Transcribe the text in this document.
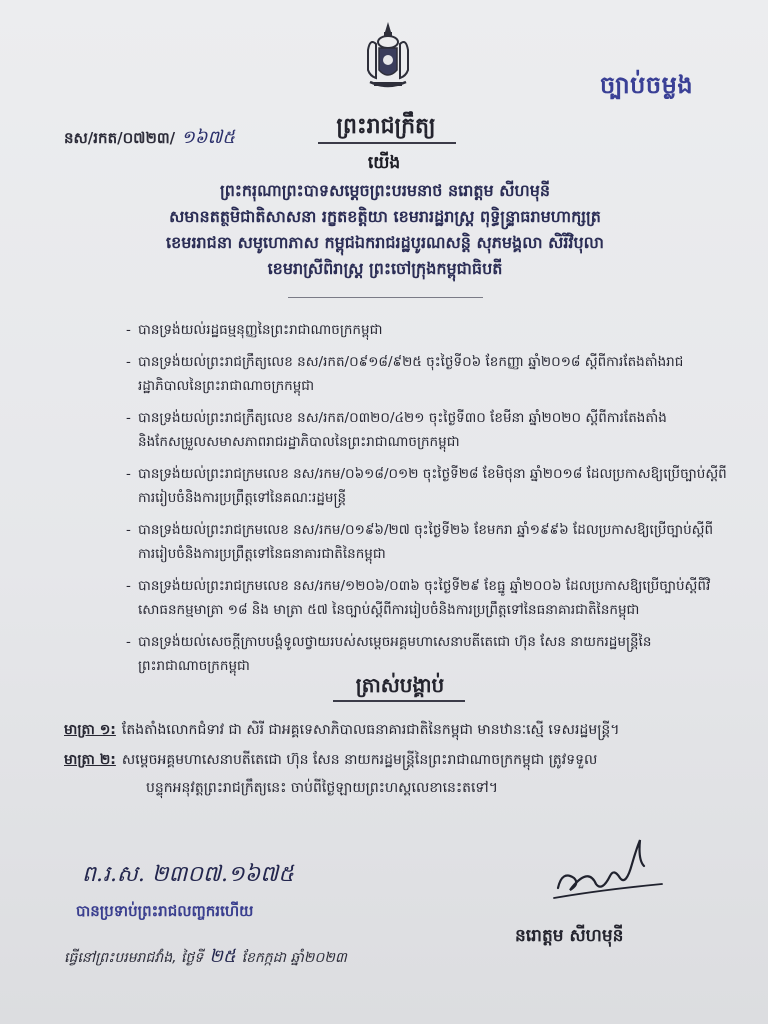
ច្បាប់ចម្លង
នស/រកត/០៧២៣/ ១៦៧៥	ព្រះរាជក្រឹត្យ
យើង
ព្រះករុណាព្រះបាទសម្តេចព្រះបរមនាថ នរោត្តម សីហមុនី
សមានតត្ថមិជាតិសាសនា រក្ខតខត្តិយា ខេមរារដ្ឋរាស្ត្រ ពុទ្ធិន្ទ្រាធរាមហាក្សត្រ
ខេមររាជនា សមូហោភាស កម្ពុជឯករាជរដ្ឋបូរណសន្តិ សុភមង្គលា សិរីវិបុលា
ខេមរាស្រីពិរាស្ត្រ ព្រះចៅក្រុងកម្ពុជាធិបតី
- បានទ្រង់យល់រដ្ឋធម្មនុញ្ញនៃព្រះរាជាណាចក្រកម្ពុជា
- បានទ្រង់យល់ព្រះរាជក្រឹត្យលេខ នស/រកត/០៩១៨/៩២៥ ចុះថ្ងៃទី០៦ ខែកញ្ញា ឆ្នាំ២០១៨ ស្តីពីការតែងតាំងរាជរដ្ឋាភិបាលនៃព្រះរាជាណាចក្រកម្ពុជា
- បានទ្រង់យល់ព្រះរាជក្រឹត្យលេខ នស/រកត/០៣២០/៤២១ ចុះថ្ងៃទី៣០ ខែមីនា ឆ្នាំ២០២០ ស្តីពីការតែងតាំងនិងកែសម្រួលសមាសភាពរាជរដ្ឋាភិបាលនៃព្រះរាជាណាចក្រកម្ពុជា
- បានទ្រង់យល់ព្រះរាជក្រមលេខ នស/រកម/០៦១៨/០១២ ចុះថ្ងៃទី២៨ ខែមិថុនា ឆ្នាំ២០១៨ ដែលប្រកាសឱ្យប្រើច្បាប់ស្តីពីការរៀបចំនិងការប្រព្រឹត្តទៅនៃគណៈរដ្ឋមន្ត្រី
- បានទ្រង់យល់ព្រះរាជក្រមលេខ នស/រកម/០១៩៦/២៧ ចុះថ្ងៃទី២៦ ខែមករា ឆ្នាំ១៩៩៦ ដែលប្រកាសឱ្យប្រើច្បាប់ស្តីពីការរៀបចំនិងការប្រព្រឹត្តទៅនៃធនាគារជាតិនៃកម្ពុជា
- បានទ្រង់យល់ព្រះរាជក្រមលេខ នស/រកម/១២០៦/០៣៦ ចុះថ្ងៃទី២៩ ខែធ្នូ ឆ្នាំ២០០៦ ដែលប្រកាសឱ្យប្រើច្បាប់ស្តីពីវិសោធនកម្មមាត្រា ១៨ និង មាត្រា ៥៧ នៃច្បាប់ស្តីពីការរៀបចំនិងការប្រព្រឹត្តទៅនៃធនាគារជាតិនៃកម្ពុជា
- បានទ្រង់យល់សេចក្តីក្រាបបង្គំទូលថ្វាយរបស់សម្តេចអគ្គមហាសេនាបតីតេជោ ហ៊ុន សែន នាយករដ្ឋមន្ត្រីនៃព្រះរាជាណាចក្រកម្ពុជា
ត្រាស់បង្គាប់
មាត្រា ១: តែងតាំងលោកជំទាវ ជា សិរី ជាអគ្គទេសាភិបាលធនាគារជាតិនៃកម្ពុជា មានឋានៈស្មើ ទេសរដ្ឋមន្ត្រី។
មាត្រា ២: សម្តេចអគ្គមហាសេនាបតីតេជោ ហ៊ុន សែន នាយករដ្ឋមន្ត្រីនៃព្រះរាជាណាចក្រកម្ពុជា ត្រូវទទួល
បន្ទុកអនុវត្តព្រះរាជក្រឹត្យនេះ ចាប់ពីថ្ងៃឡាយព្រះហស្តលេខានេះតទៅ។
ព.រ.ស. ២៣០៧.១៦៧៥
បានប្រទាប់ព្រះរាជលញ្ចករហើយ
ធ្វើនៅព្រះបរមរាជវាំង, ថ្ងៃទី ២៥ ខែកក្កដា ឆ្នាំ២០២៣
នរោត្តម សីហមុនី
